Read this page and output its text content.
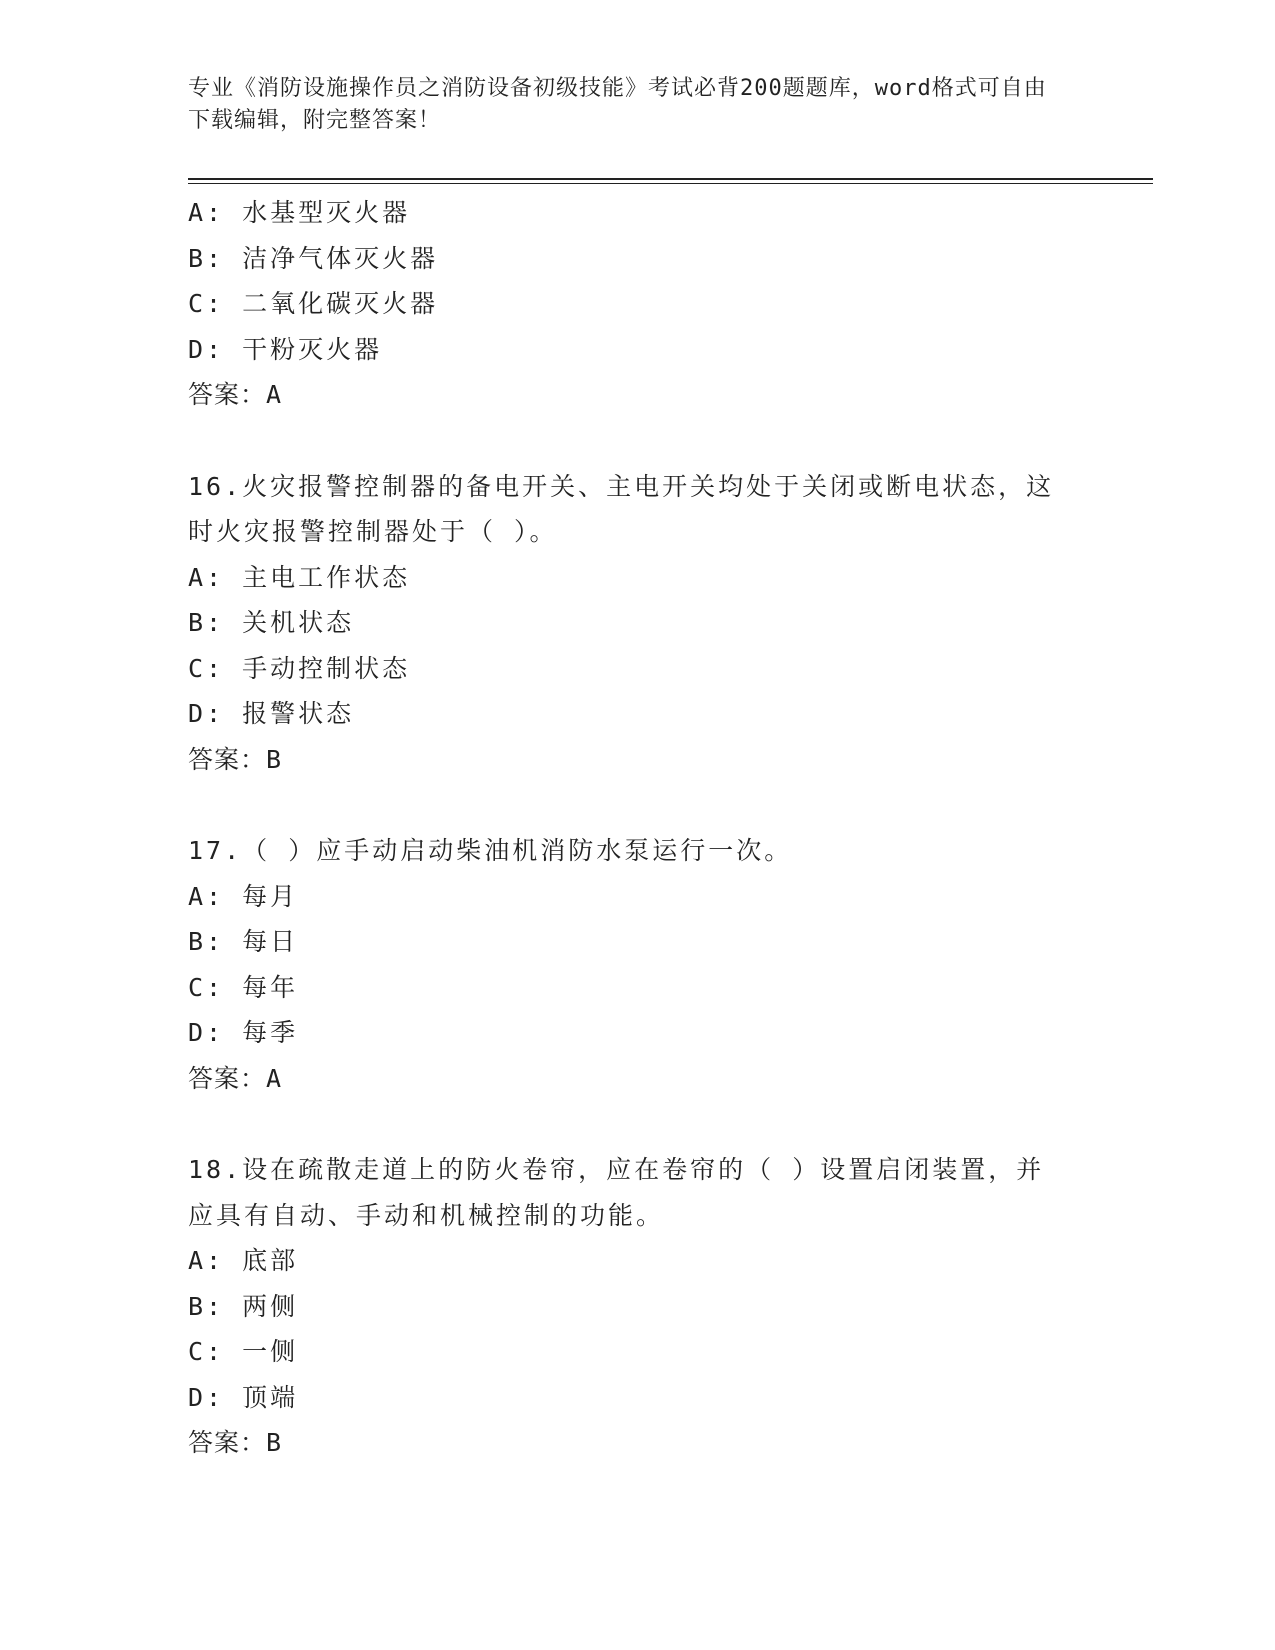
专业《消防设施操作员之消防设备初级技能》考试必背200题题库，word格式可自由下载编辑，附完整答案！
A: 水基型灭火器
B: 洁净气体灭火器
C: 二氧化碳灭火器
D: 干粉灭火器
答案：A
16.火灾报警控制器的备电开关、主电开关均处于关闭或断电状态，这
时火灾报警控制器处于（ ）。
A: 主电工作状态
B: 关机状态
C: 手动控制状态
D: 报警状态
答案：B
17.（ ）应手动启动柴油机消防水泵运行一次。
A: 每月
B: 每日
C: 每年
D: 每季
答案：A
18.设在疏散走道上的防火卷帘，应在卷帘的（ ）设置启闭装置，并
应具有自动、手动和机械控制的功能。
A: 底部
B: 两侧
C: 一侧
D: 顶端
答案：B
